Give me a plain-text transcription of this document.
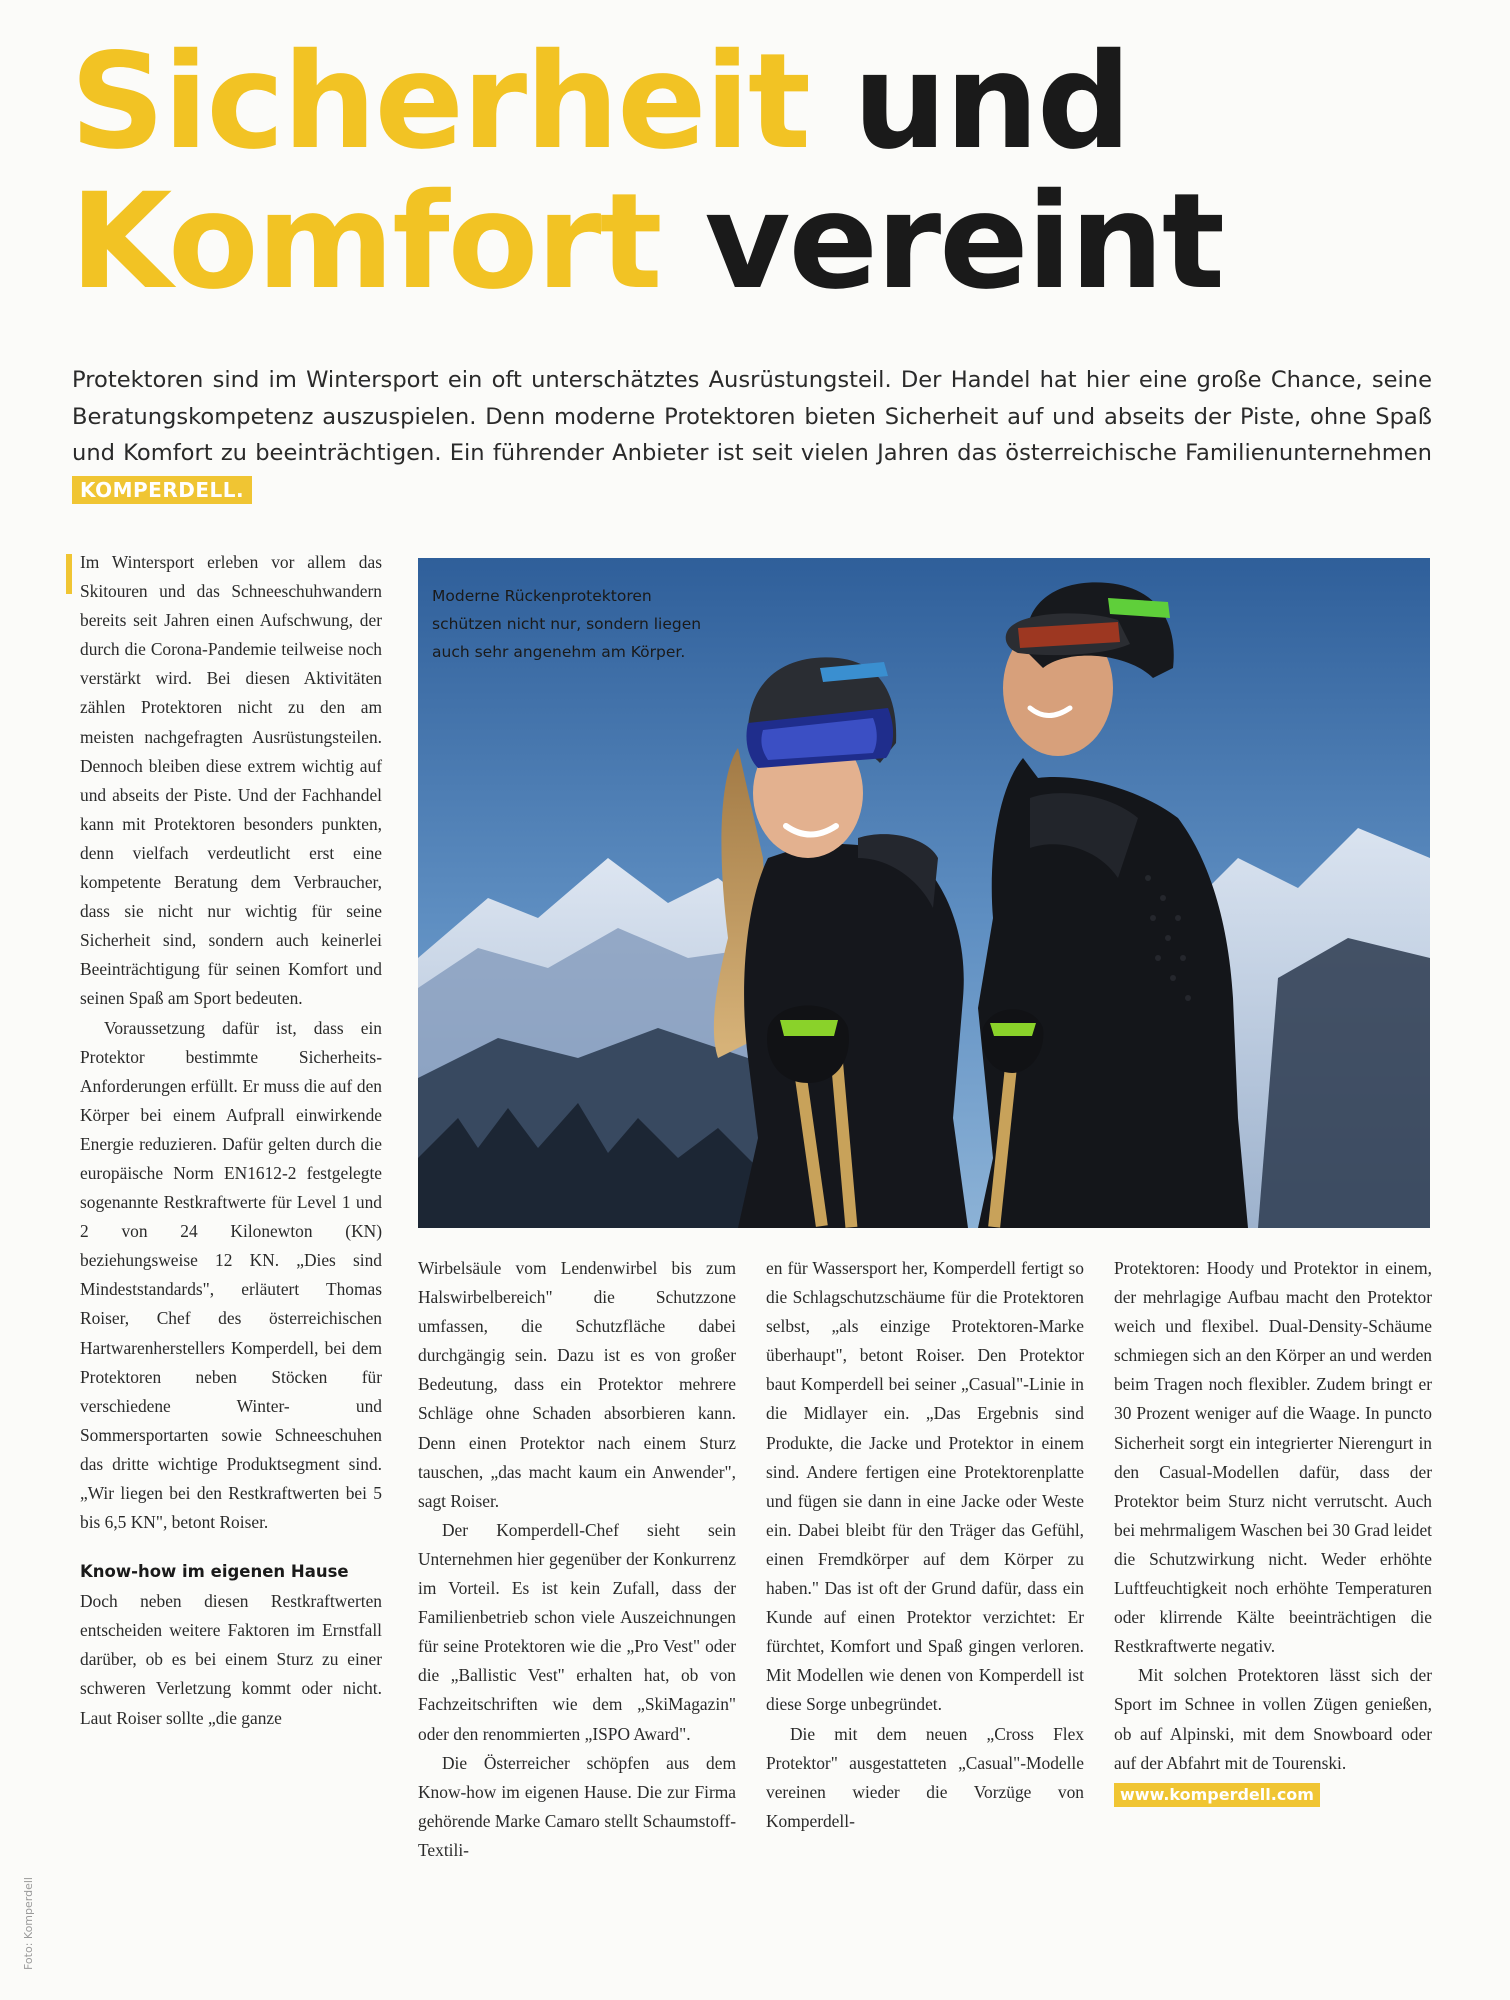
Sicherheit und
Komfort vereint

Protektoren sind im Wintersport ein oft unterschätztes Ausrüstungsteil. Der Handel hat hier eine große Chance, seine Beratungskompetenz auszuspielen. Denn moderne Protektoren bieten Sicherheit auf und abseits der Piste, ohne Spaß und Komfort zu beeinträchtigen. Ein führender Anbieter ist seit vielen Jahren das österreichische Familienunternehmen KOMPERDELL.

Im Wintersport erleben vor allem das Skitouren und das Schneeschuhwandern bereits seit Jahren einen Aufschwung, der durch die Corona-Pandemie teilweise noch verstärkt wird. Bei diesen Aktivitäten zählen Protektoren nicht zu den am meisten nachgefragten Ausrüstungsteilen. Dennoch bleiben diese extrem wichtig auf und abseits der Piste. Und der Fachhandel kann mit Protektoren besonders punkten, denn vielfach verdeutlicht erst eine kompetente Beratung dem Verbraucher, dass sie nicht nur wichtig für seine Sicherheit sind, sondern auch keinerlei Beeinträchtigung für seinen Komfort und seinen Spaß am Sport bedeuten.

Voraussetzung dafür ist, dass ein Protektor bestimmte Sicherheits-Anforderungen erfüllt. Er muss die auf den Körper bei einem Aufprall einwirkende Energie reduzieren. Dafür gelten durch die europäische Norm EN1612-2 festgelegte sogenannte Restkraftwerte für Level 1 und 2 von 24 Kilonewton (KN) beziehungsweise 12 KN. „Dies sind Mindeststandards", erläutert Thomas Roiser, Chef des österreichischen Hartwarenherstellers Komperdell, bei dem Protektoren neben Stöcken für verschiedene Winter- und Sommersportarten sowie Schneeschuhen das dritte wichtige Produktsegment sind. „Wir liegen bei den Restkraftwerten bei 5 bis 6,5 KN", betont Roiser.

Know-how im eigenen Hause

Doch neben diesen Restkraftwerten entscheiden weitere Faktoren im Ernstfall darüber, ob es bei einem Sturz zu einer schweren Verletzung kommt oder nicht. Laut Roiser sollte „die ganze

Moderne Rückenprotektoren schützen nicht nur, sondern liegen auch sehr angenehm am Körper.

Wirbelsäule vom Lendenwirbel bis zum Halswirbelbereich" die Schutzzone umfassen, die Schutzfläche dabei durchgängig sein. Dazu ist es von großer Bedeutung, dass ein Protektor mehrere Schläge ohne Schaden absorbieren kann. Denn einen Protektor nach einem Sturz tauschen, „das macht kaum ein Anwender", sagt Roiser.

Der Komperdell-Chef sieht sein Unternehmen hier gegenüber der Konkurrenz im Vorteil. Es ist kein Zufall, dass der Familienbetrieb schon viele Auszeichnungen für seine Protektoren wie die „Pro Vest" oder die „Ballistic Vest" erhalten hat, ob von Fachzeitschriften wie dem „SkiMagazin" oder den renommierten „ISPO Award".

Die Österreicher schöpfen aus dem Know-how im eigenen Hause. Die zur Firma gehörende Marke Camaro stellt Schaumstoff-Textili-

en für Wassersport her, Komperdell fertigt so die Schlagschutzschäume für die Protektoren selbst, „als einzige Protektoren-Marke überhaupt", betont Roiser. Den Protektor baut Komperdell bei seiner „Casual"-Linie in die Midlayer ein. „Das Ergebnis sind Produkte, die Jacke und Protektor in einem sind. Andere fertigen eine Protektorenplatte und fügen sie dann in eine Jacke oder Weste ein. Dabei bleibt für den Träger das Gefühl, einen Fremdkörper auf dem Körper zu haben." Das ist oft der Grund dafür, dass ein Kunde auf einen Protektor verzichtet: Er fürchtet, Komfort und Spaß gingen verloren. Mit Modellen wie denen von Komperdell ist diese Sorge unbegründet.

Die mit dem neuen „Cross Flex Protektor" ausgestatteten „Casual"-Modelle vereinen wieder die Vorzüge von Komperdell-

Protektoren: Hoody und Protektor in einem, der mehrlagige Aufbau macht den Protektor weich und flexibel. Dual-Density-Schäume schmiegen sich an den Körper an und werden beim Tragen noch flexibler. Zudem bringt er 30 Prozent weniger auf die Waage. In puncto Sicherheit sorgt ein integrierter Nierengurt in den Casual-Modellen dafür, dass der Protektor beim Sturz nicht verrutscht. Auch bei mehrmaligem Waschen bei 30 Grad leidet die Schutzwirkung nicht. Weder erhöhte Luftfeuchtigkeit noch erhöhte Temperaturen oder klirrende Kälte beeinträchtigen die Restkraftwerte negativ.

Mit solchen Protektoren lässt sich der Sport im Schnee in vollen Zügen genießen, ob auf Alpinski, mit dem Snowboard oder auf der Abfahrt mit de Tourenski.

www.komperdell.com

Foto: Komperdell
